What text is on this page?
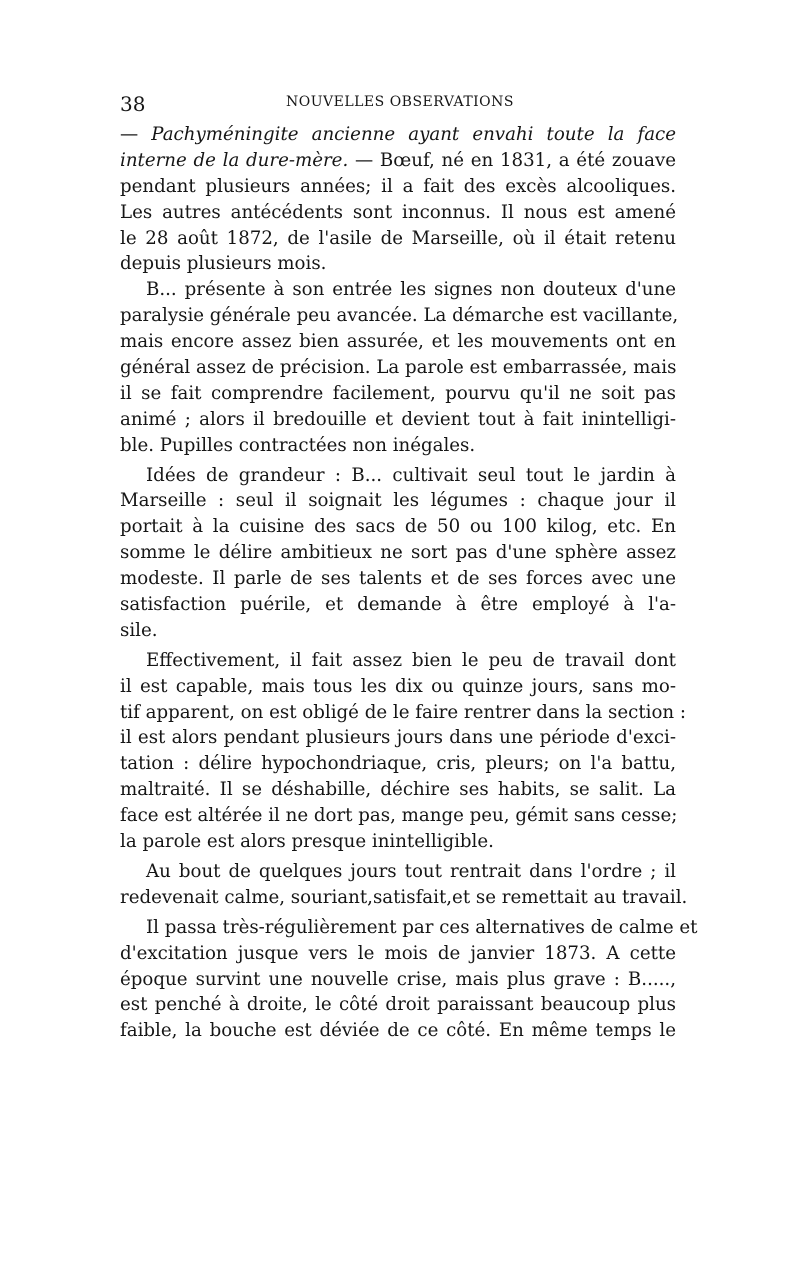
38	NOUVELLES OBSERVATIONS
— Pachyméningite ancienne ayant envahi toute la face
interne de la dure-mère. — Bœuf, né en 1831, a été zouave
pendant plusieurs années; il a fait des excès alcooliques.
Les autres antécédents sont inconnus. Il nous est amené
le 28 août 1872, de l'asile de Marseille, où il était retenu
depuis plusieurs mois.
B... présente à son entrée les signes non douteux d'une
paralysie générale peu avancée. La démarche est vacillante,
mais encore assez bien assurée, et les mouvements ont en
général assez de précision. La parole est embarrassée, mais
il se fait comprendre facilement, pourvu qu'il ne soit pas
animé ; alors il bredouille et devient tout à fait inintelligi-
ble. Pupilles contractées non inégales.
Idées de grandeur : B... cultivait seul tout le jardin à
Marseille : seul il soignait les légumes : chaque jour il
portait à la cuisine des sacs de 50 ou 100 kilog, etc. En
somme le délire ambitieux ne sort pas d'une sphère assez
modeste. Il parle de ses talents et de ses forces avec une
satisfaction puérile, et demande à être employé à l'a-
sile.
Effectivement, il fait assez bien le peu de travail dont
il est capable, mais tous les dix ou quinze jours, sans mo-
tif apparent, on est obligé de le faire rentrer dans la section :
il est alors pendant plusieurs jours dans une période d'exci-
tation : délire hypochondriaque, cris, pleurs; on l'a battu,
maltraité. Il se déshabille, déchire ses habits, se salit. La
face est altérée il ne dort pas, mange peu, gémit sans cesse;
la parole est alors presque inintelligible.
Au bout de quelques jours tout rentrait dans l'ordre ; il
redevenait calme, souriant,satisfait,et se remettait au travail.
Il passa très-régulièrement par ces alternatives de calme et
d'excitation jusque vers le mois de janvier 1873. A cette
époque survint une nouvelle crise, mais plus grave : B.....,
est penché à droite, le côté droit paraissant beaucoup plus
faible, la bouche est déviée de ce côté. En même temps le
